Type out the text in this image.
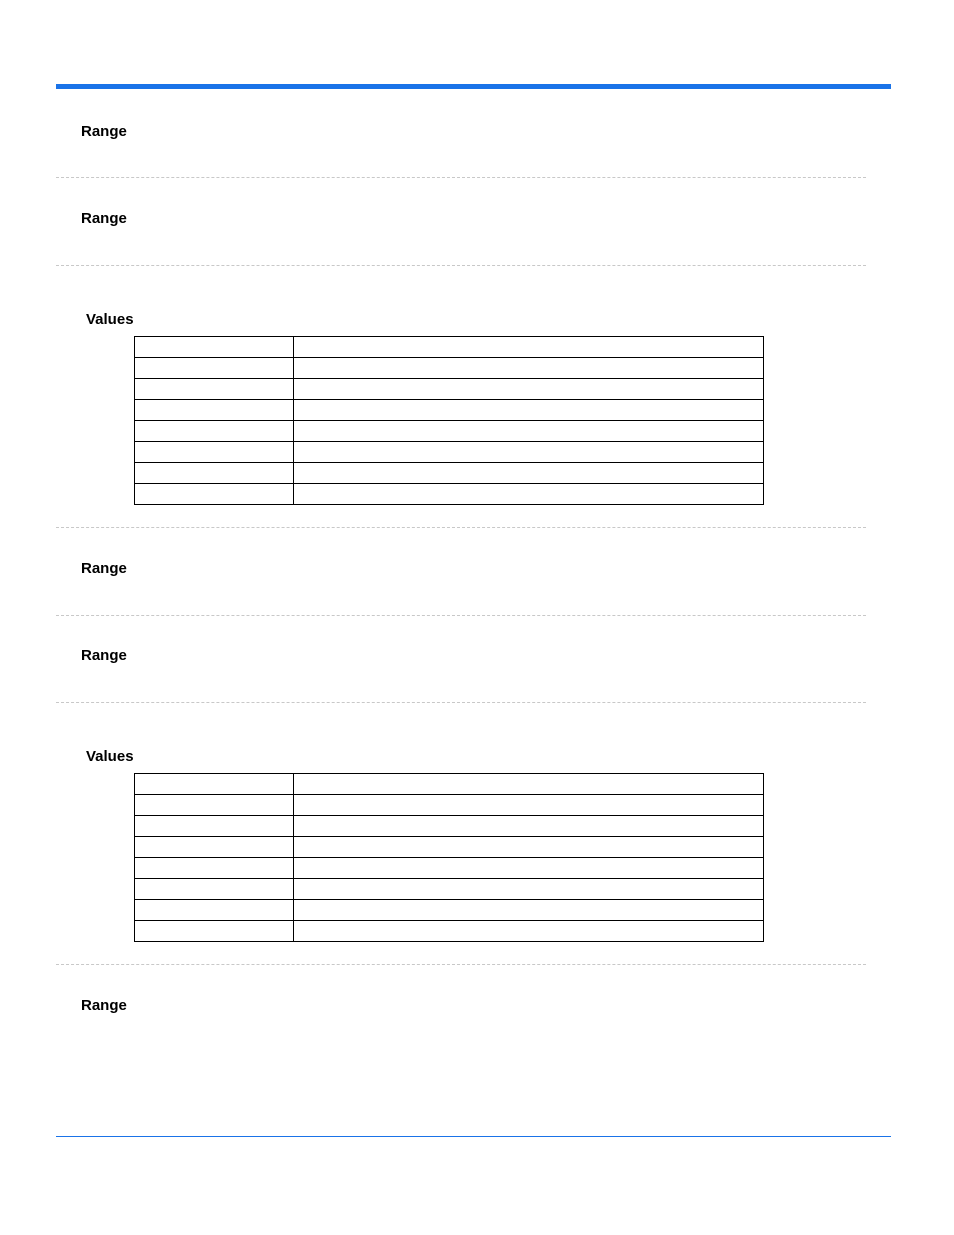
Range
Range
Values

Range
Range
Values

Range
